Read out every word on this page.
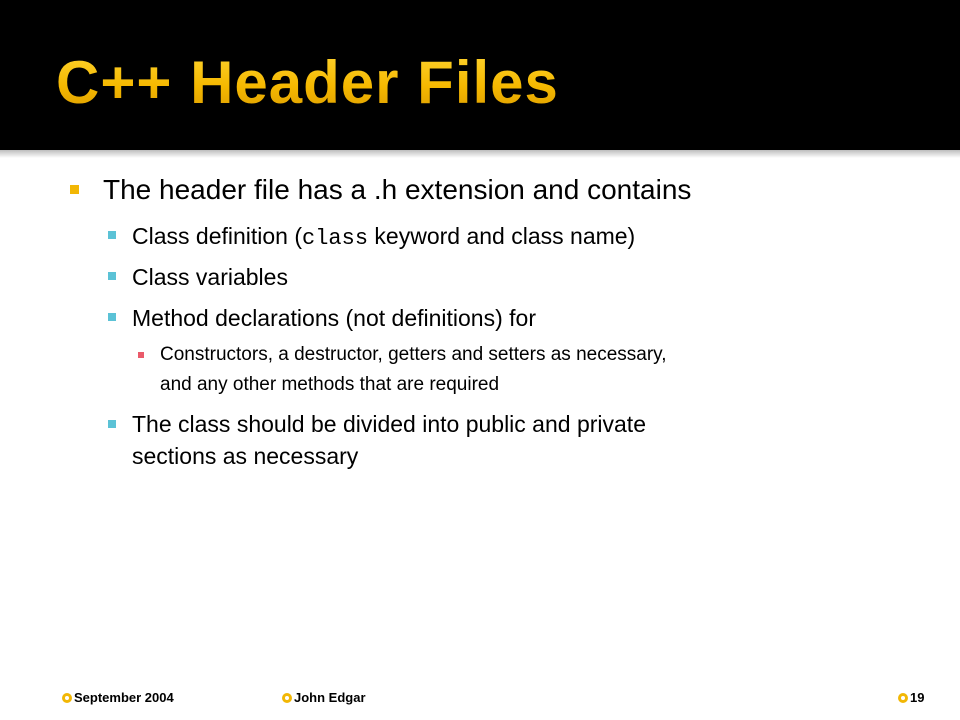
C++ Header Files
The header file has a .h extension and contains
Class definition (class keyword and class name)
Class variables
Method declarations (not definitions) for
Constructors, a destructor, getters and setters as necessary,
and any other methods that are required
The class should be divided into public and private
sections as necessary
September 2004	John Edgar	19
